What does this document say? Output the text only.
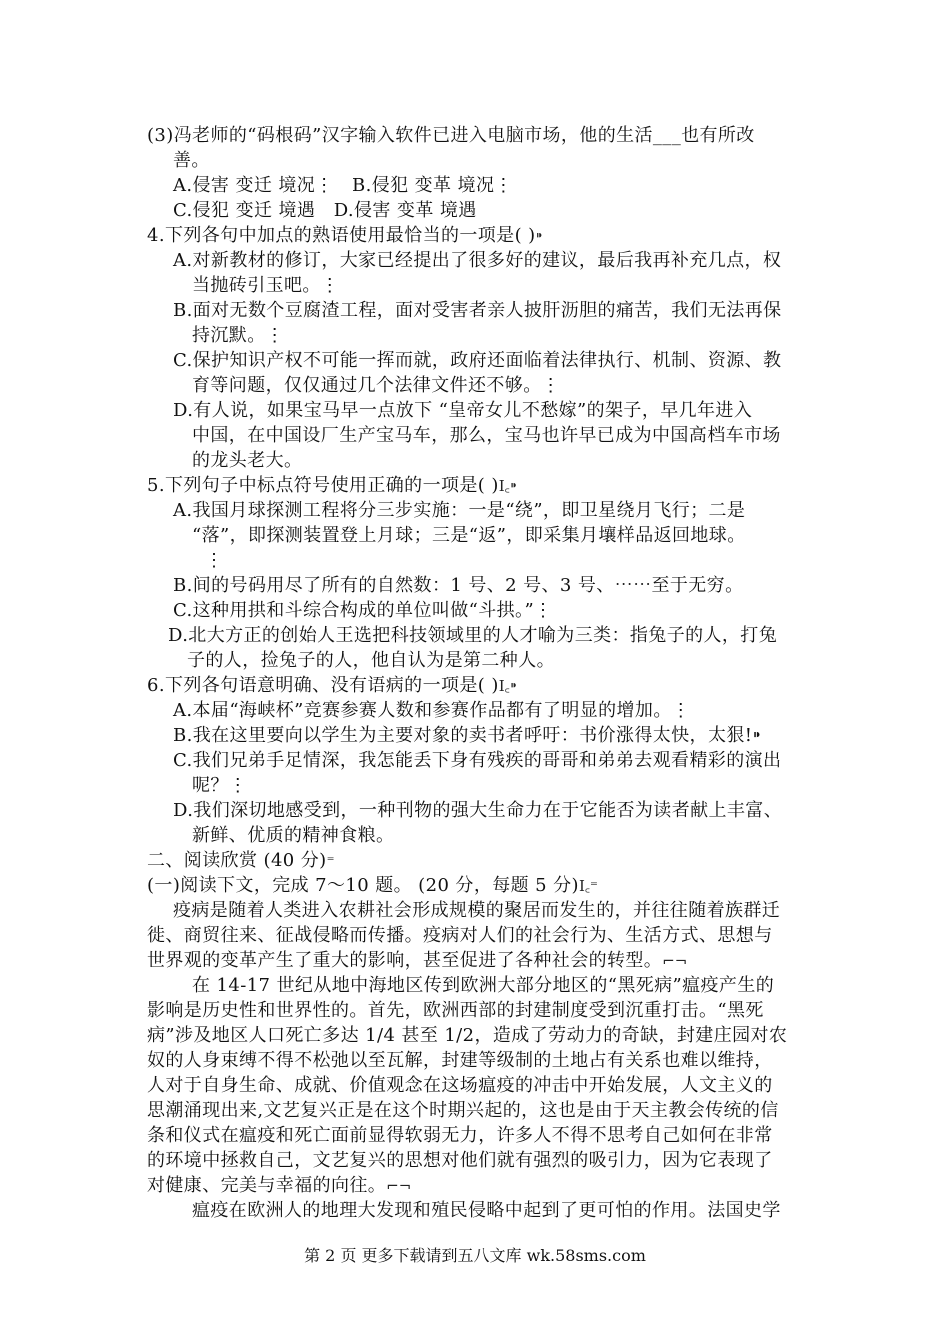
(3)冯老师的“码根码”汉字输入软件已进入电脑市场，他的生活___也有所改
善。
A.侵害 变迁 境况⋮　B.侵犯 变革 境况⋮
C.侵犯 变迁 境遇　D.侵害 变革 境遇
4.下列各句中加点的熟语使用最恰当的一项是( )⁍
A.对新教材的修订，大家已经提出了很多好的建议，最后我再补充几点，权
当抛砖引玉吧。⋮
B.面对无数个豆腐渣工程，面对受害者亲人披肝沥胆的痛苦，我们无法再保
持沉默。⋮
C.保护知识产权不可能一挥而就，政府还面临着法律执行、机制、资源、教
育等问题，仅仅通过几个法律文件还不够。⋮
D.有人说，如果宝马早一点放下 “皇帝女儿不愁嫁”的架子，早几年进入
中国，在中国设厂生产宝马车，那么，宝马也许早已成为中国高档车市场
的龙头老大。
5.下列句子中标点符号使用正确的一项是( )I꜀⁍
A.我国月球探测工程将分三步实施：一是“绕”，即卫星绕月飞行；二是
“落”，即探测装置登上月球；三是“返”，即采集月壤样品返回地球。
⋮
B.间的号码用尽了所有的自然数：1 号、2 号、3 号、⋯⋯至于无穷。
C.这种用拱和斗综合构成的单位叫做“斗拱。”⋮
D.北大方正的创始人王选把科技领域里的人才喻为三类：指兔子的人，打兔
子的人，捡兔子的人，他自认为是第二种人。
6.下列各句语意明确、没有语病的一项是( )I꜀⁍
A.本届“海峡杯”竞赛参赛人数和参赛作品都有了明显的增加。⋮
B.我在这里要向以学生为主要对象的卖书者呼吁：书价涨得太快，太狠!⁍
C.我们兄弟手足情深，我怎能丢下身有残疾的哥哥和弟弟去观看精彩的演出
呢？⋮
D.我们深切地感受到，一种刊物的强大生命力在于它能否为读者献上丰富、
新鲜、优质的精神食粮。
二、阅读欣赏 (40 分)⁼
(一)阅读下文，完成 7～10 题。 (20 分，每题 5 分)I꜀⁼
疫病是随着人类进入农耕社会形成规模的聚居而发生的，并往往随着族群迁
徙、商贸往来、征战侵略而传播。疫病对人们的社会行为、生活方式、思想与
世界观的变革产生了重大的影响，甚至促进了各种社会的转型。⌐¬
在 14-17 世纪从地中海地区传到欧洲大部分地区的“黑死病”瘟疫产生的
影响是历史性和世界性的。首先，欧洲西部的封建制度受到沉重打击。“黑死
病”涉及地区人口死亡多达 1/4 甚至 1/2，造成了劳动力的奇缺，封建庄园对农
奴的人身束缚不得不松弛以至瓦解，封建等级制的土地占有关系也难以维持，
人对于自身生命、成就、价值观念在这场瘟疫的冲击中开始发展，人文主义的
思潮涌现出来,文艺复兴正是在这个时期兴起的，这也是由于天主教会传统的信
条和仪式在瘟疫和死亡面前显得软弱无力，许多人不得不思考自己如何在非常
的环境中拯救自己，文艺复兴的思想对他们就有强烈的吸引力，因为它表现了
对健康、完美与幸福的向往。⌐¬
瘟疫在欧洲人的地理大发现和殖民侵略中起到了更可怕的作用。法国史学
第 2 页 更多下载请到五八文库 wk.58sms.com
